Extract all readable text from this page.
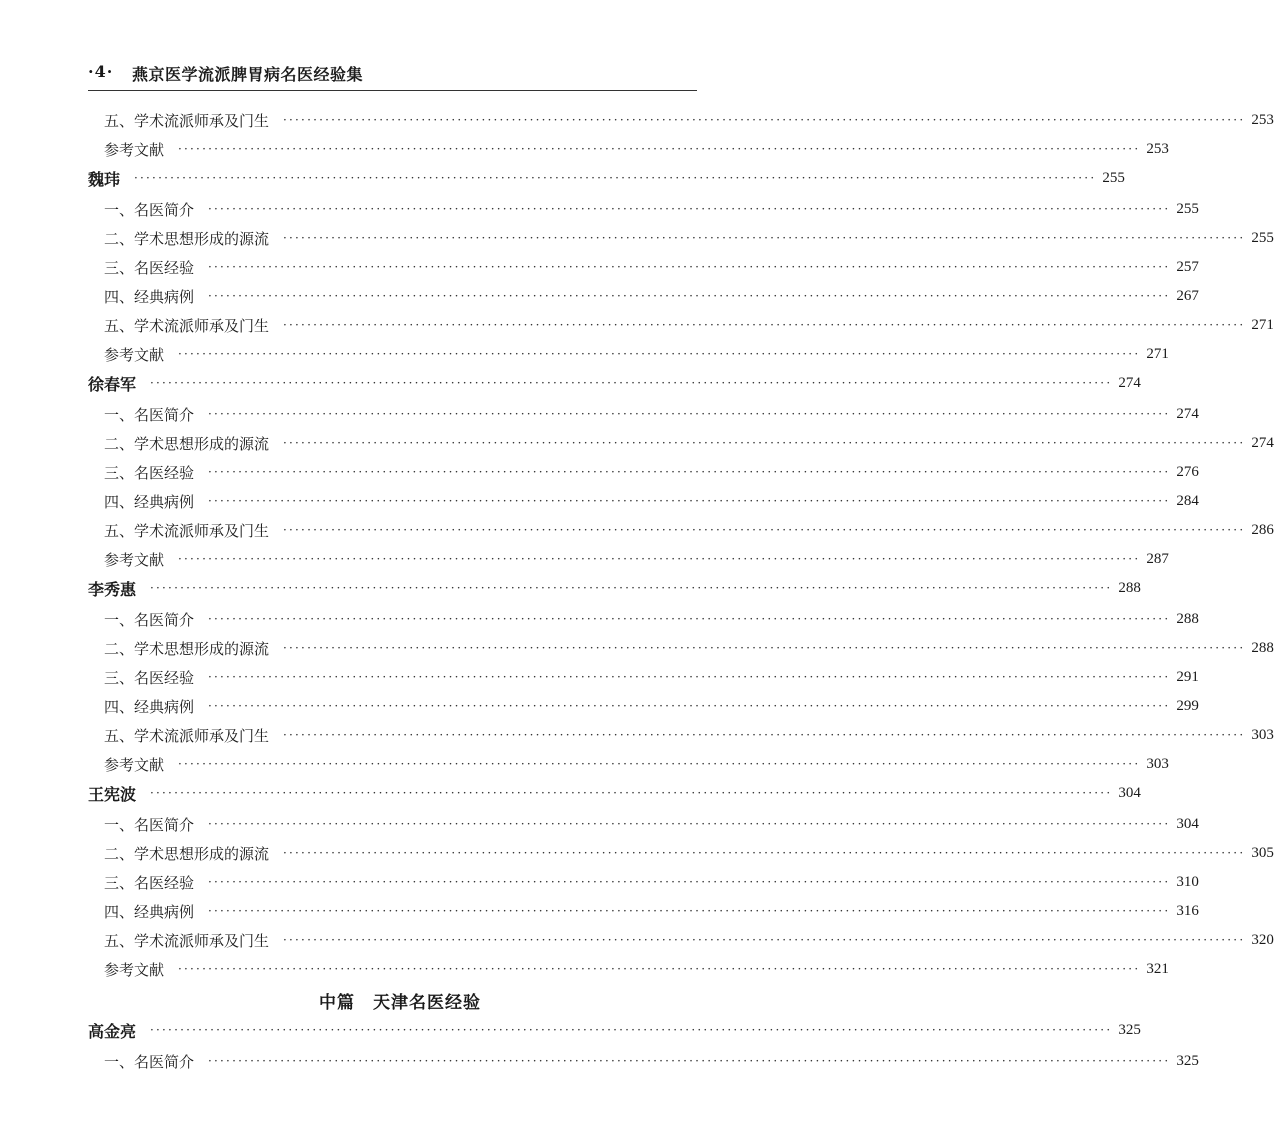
·4· 燕京医学流派脾胃病名医经验集
五、学术流派师承及门生 ································································································································································ 253
参考文献 ································································································································································ 253
魏玮 ································································································································································ 255
一、名医简介 ································································································································································ 255
二、学术思想形成的源流 ································································································································································ 255
三、名医经验 ································································································································································ 257
四、经典病例 ································································································································································ 267
五、学术流派师承及门生 ································································································································································ 271
参考文献 ································································································································································ 271
徐春军 ································································································································································ 274
一、名医简介 ································································································································································ 274
二、学术思想形成的源流 ································································································································································ 274
三、名医经验 ································································································································································ 276
四、经典病例 ································································································································································ 284
五、学术流派师承及门生 ································································································································································ 286
参考文献 ································································································································································ 287
李秀惠 ································································································································································ 288
一、名医简介 ································································································································································ 288
二、学术思想形成的源流 ································································································································································ 288
三、名医经验 ································································································································································ 291
四、经典病例 ································································································································································ 299
五、学术流派师承及门生 ································································································································································ 303
参考文献 ································································································································································ 303
王宪波 ································································································································································ 304
一、名医简介 ································································································································································ 304
二、学术思想形成的源流 ································································································································································ 305
三、名医经验 ································································································································································ 310
四、经典病例 ································································································································································ 316
五、学术流派师承及门生 ································································································································································ 320
参考文献 ································································································································································ 321
高金亮 ································································································································································ 325
一、名医简介 ································································································································································ 325
中篇　天津名医经验
